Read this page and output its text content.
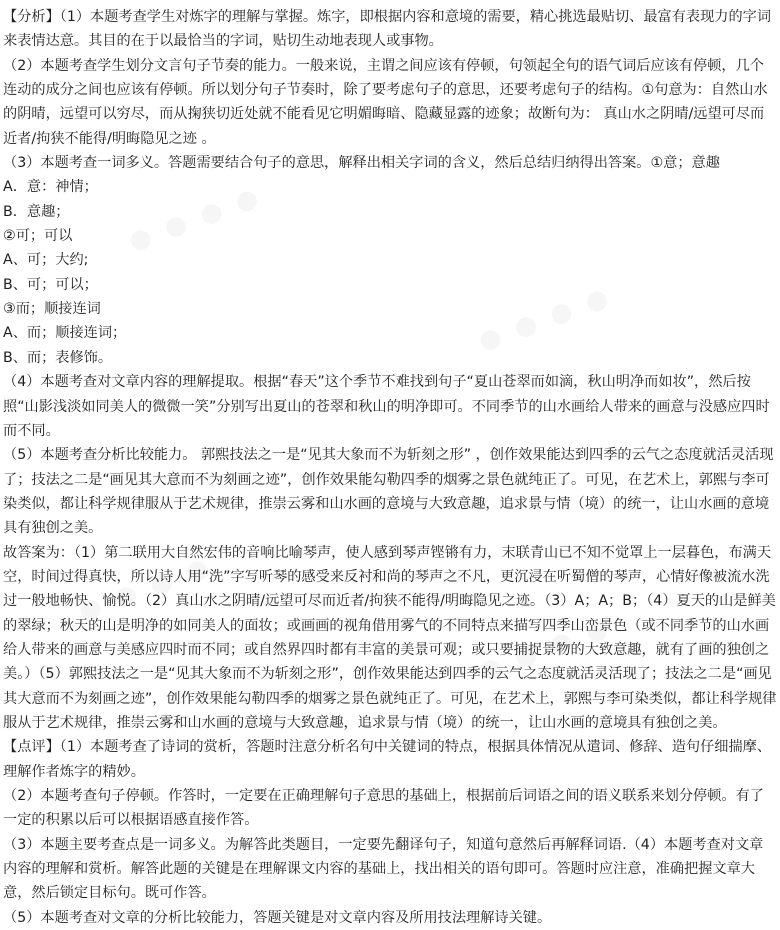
【分析】（1）本题考查学生对炼字的理解与掌握。炼字，即根据内容和意境的需要，精心挑选最贴切、最富有表现力的字词来表情达意。其目的在于以最恰当的字词，贴切生动地表现人或事物。

（2）本题考查学生划分文言句子节奏的能力。一般来说，主谓之间应该有停顿，句领起全句的语气词后应该有停顿，几个连动的成分之间也应该有停顿。所以划分句子节奏时，除了要考虑句子的意思，还要考虑句子的结构。①句意为：自然山水的阴晴，远望可以穷尽，而从掬狭切近处就不能看见它明媚晦暗、隐藏显露的迹象；故断句为： 真山水之阴晴/远望可尽而近者/拘狭不能得/明晦隐见之迹 。

（3）本题考查一词多义。答题需要结合句子的意思，解释出相关字词的含义，然后总结归纳得出答案。①意；意趣

A．意：神情；

B．意趣；

②可；可以

A、可；大约;

B、可；可以；

③而；顺接连词

A、而；顺接连词；

B、而；表修饰。

（4）本题考查对文章内容的理解提取。根据“春天”这个季节不难找到句子“夏山苍翠而如滴，秋山明净而如妆”，然后按照“山影浅淡如同美人的微微一笑”分别写出夏山的苍翠和秋山的明净即可。不同季节的山水画给人带来的画意与没感应四时而不同。

（5）本题考查分析比较能力。 郭熙技法之一是“见其大象而不为斩刻之形” ，创作效果能达到四季的云气之态度就活灵活现了；技法之二是“画见其大意而不为刻画之迹”，创作效果能勾勒四季的烟雾之景色就纯正了。可见，在艺术上，郭熙与李可染类似，都让科学规律服从于艺术规律，推崇云雾和山水画的意境与大致意趣，追求景与情（境）的统一，让山水画的意境具有独创之美。

故答案为：（1）第二联用大自然宏伟的音响比喻琴声，使人感到琴声铿锵有力，末联青山已不知不觉罩上一层暮色，布满天空，时间过得真快，所以诗人用“洗”字写听琴的感受来反衬和尚的琴声之不凡，更沉浸在听蜀僧的琴声，心情好像被流水洗过一般地畅快、愉悦。（2）真山水之阴晴/远望可尽而近者/拘狭不能得/明晦隐见之迹。（3）A；A；B；（4）夏天的山是鲜美的翠绿；秋天的山是明净的如同美人的面妆；或画画的视角借用雾气的不同特点来描写四季山峦景色（或不同季节的山水画给人带来的画意与美感应四时而不同；或自然界四时都有丰富的美景可观；或只要捕捉景物的大致意趣，就有了画的独创之美。）（5）郭熙技法之一是“见其大象而不为斩刻之形”，创作效果能达到四季的云气之态度就活灵活现了；技法之二是“画见其大意而不为刻画之迹”，创作效果能勾勒四季的烟雾之景色就纯正了。可见，在艺术上，郭熙与李可染类似，都让科学规律服从于艺术规律，推崇云雾和山水画的意境与大致意趣，追求景与情（境）的统一，让山水画的意境具有独创之美。

【点评】（1）本题考查了诗词的赏析，答题时注意分析名句中关键词的特点，根据具体情况从遣词、修辞、造句仔细揣摩、理解作者炼字的精妙。

（2）本题考查句子停顿。作答时，一定要在正确理解句子意思的基础上，根据前后词语之间的语义联系来划分停顿。有了一定的积累以后可以根据语感直接作答。

（3）本题主要考查点是一词多义。为解答此类题目，一定要先翻译句子，知道句意然后再解释词语.（4）本题考查对文章内容的理解和赏析。解答此题的关键是在理解课文内容的基础上，找出相关的语句即可。答题时应注意，准确把握文章大意，然后锁定目标句。既可作答。

（5）本题考查对文章的分析比较能力，答题关键是对文章内容及所用技法理解诗关键。
